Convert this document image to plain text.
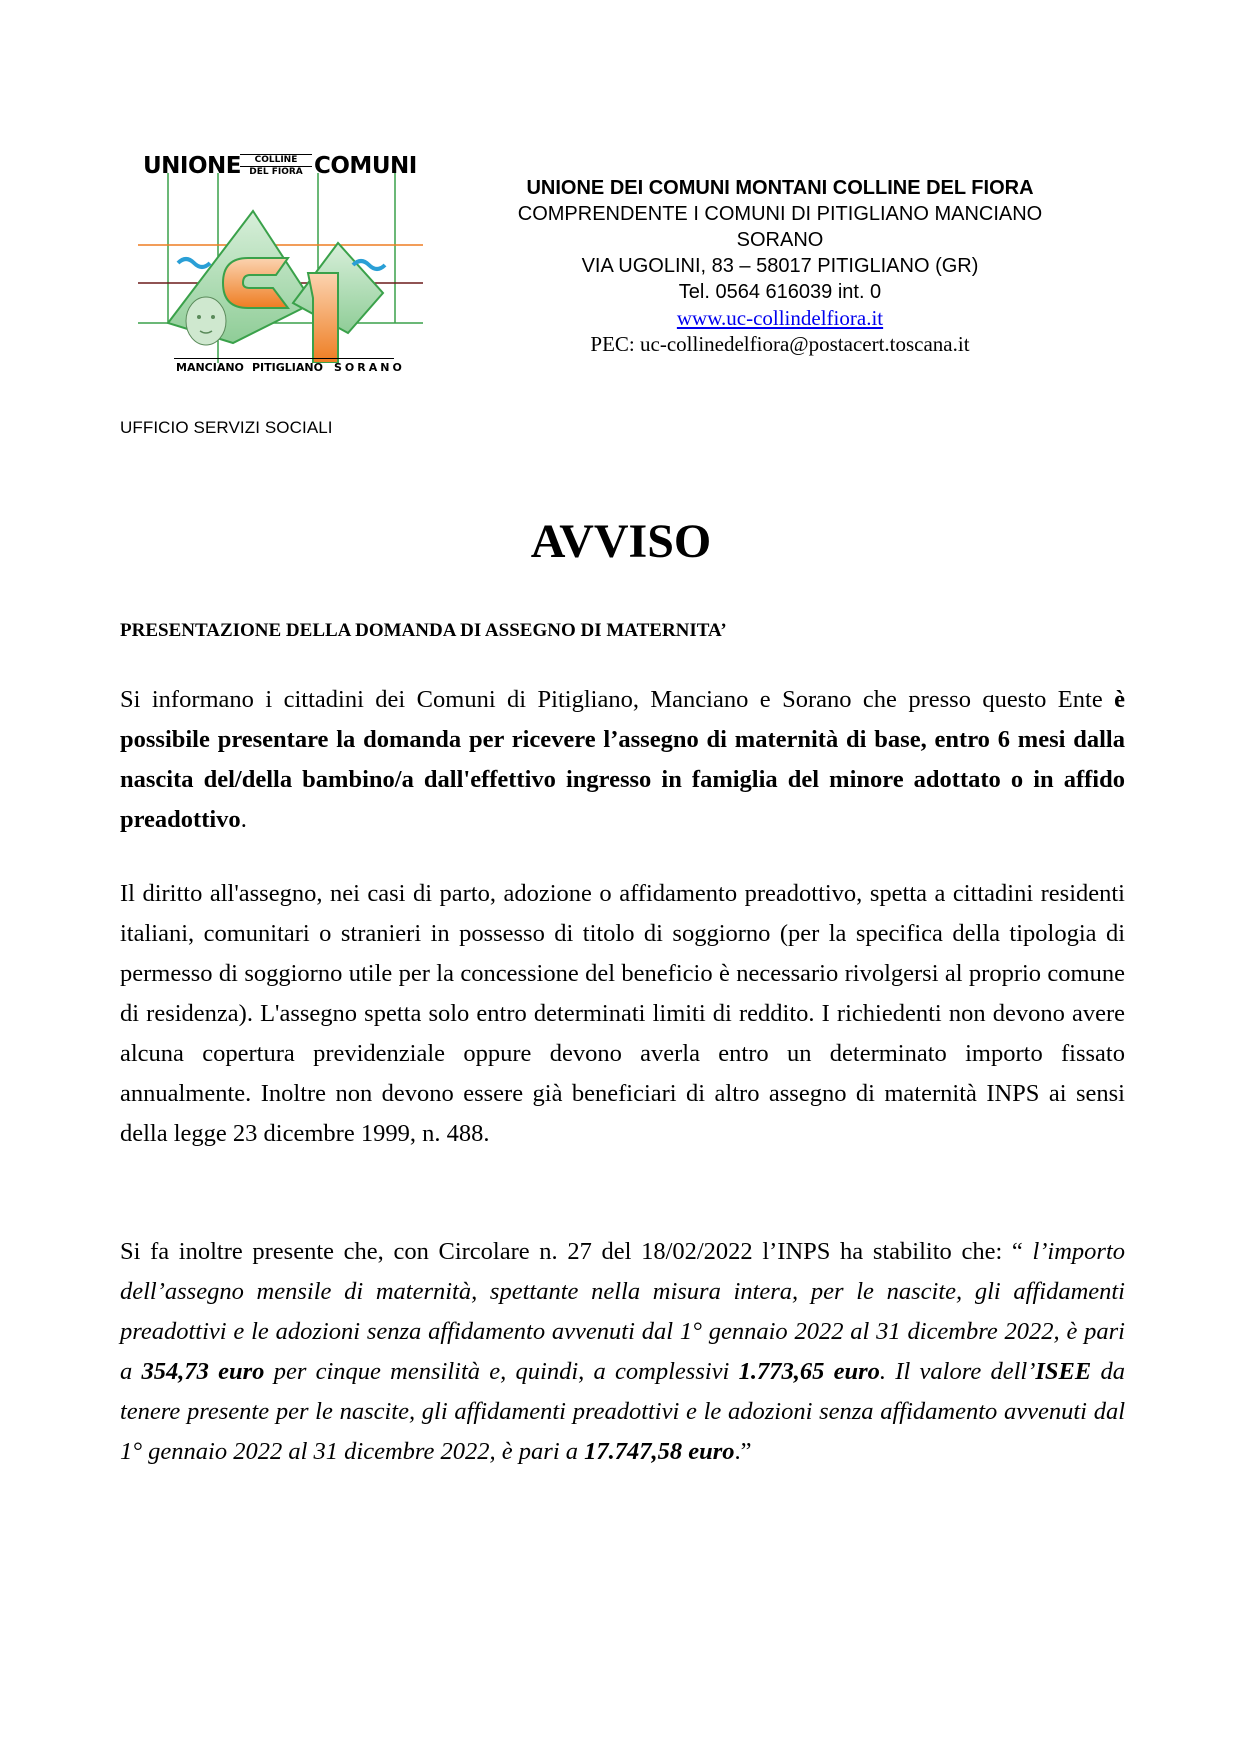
UNIONE	COLLINE
DEL FIORA COMUNI
MANCIANO PITIGLIANO SORANO

UNIONE DEI COMUNI MONTANI COLLINE DEL FIORA

COMPRENDENTE I COMUNI DI PITIGLIANO MANCIANO

SORANO

VIA UGOLINI, 83 – 58017 PITIGLIANO (GR)

Tel. 0564 616039 int. 0

www.uc-collindelfiora.it

PEC: uc-collinedelfiora@postacert.toscana.it

UFFICIO SERVIZI SOCIALI
AVVISO
PRESENTAZIONE DELLA DOMANDA DI ASSEGNO DI MATERNITA’

Si informano i cittadini dei Comuni di Pitigliano, Manciano e Sorano che presso questo Ente è possibile presentare la domanda per ricevere l’assegno di maternità di base, entro 6 mesi dalla nascita del/della bambino/a dall'effettivo ingresso in famiglia del minore adottato o in affido preadottivo.

Il diritto all'assegno, nei casi di parto, adozione o affidamento preadottivo, spetta a cittadini residenti italiani, comunitari o stranieri in possesso di titolo di soggiorno (per la specifica della tipologia di permesso di soggiorno utile per la concessione del beneficio è necessario rivolgersi al proprio comune di residenza). L'assegno spetta solo entro determinati limiti di reddito. I richiedenti non devono avere alcuna copertura previdenziale oppure devono averla entro un determinato importo fissato annualmente. Inoltre non devono essere già beneficiari di altro assegno di maternità INPS ai sensi della legge 23 dicembre 1999, n. 488.

Si fa inoltre presente che, con Circolare n. 27 del 18/02/2022 l’INPS ha stabilito che: “ l’importo dell’assegno mensile di maternità, spettante nella misura intera, per le nascite, gli affidamenti preadottivi e le adozioni senza affidamento avvenuti dal 1° gennaio 2022 al 31 dicembre 2022, è pari a 354,73 euro per cinque mensilità e, quindi, a complessivi 1.773,65 euro. Il valore dell’ISEE da tenere presente per le nascite, gli affidamenti preadottivi e le adozioni senza affidamento avvenuti dal 1° gennaio 2022 al 31 dicembre 2022, è pari a 17.747,58 euro.”
